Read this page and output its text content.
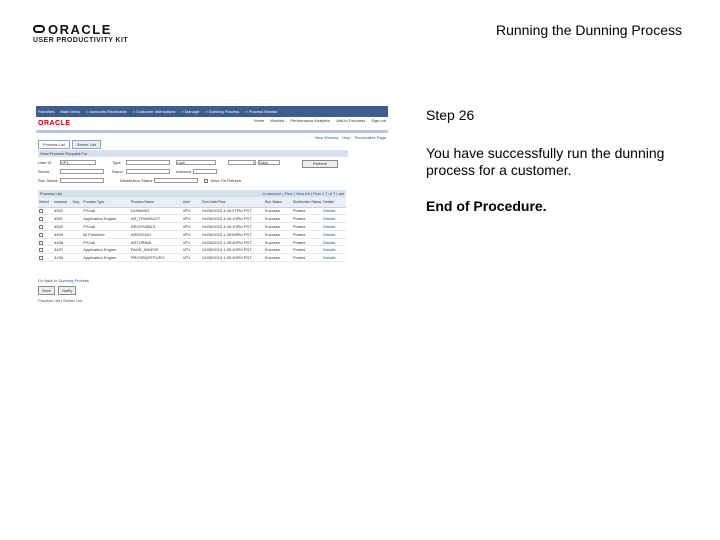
ORACLE
USER PRODUCTIVITY KIT
Running the Dunning Process
Favorites Main Menu > Accounts Receivable > Customer Interactions > Manage > Dunning Process > Process Monitor
ORACLE	Home Worklist Performance Analytics Add to Favorites Sign out
New Window Help Personalize Page
Process List	Server List
View Process Request For
User ID	VP1	Type	Last	1 Days	Refresh
Server	Name	Instance
Run Status	Distribution Status	Save On Refresh
Process List	Customize | Find | View All | First 1-7 of 7 Last
Select	Instance	Seq.	Process Type	Process Name	User	Run Date/Time	Run Status	Distribution Status	Details
	4502		PSJob	DUNNING	VP1	04/05/2013 1:40:27PM PDT	Success	Posted	Details
	4501		Application Engine	AR_TRANSACT	VP1	04/05/2013 1:40:19PM PDT	Success	Posted	Details
	4500		PSJob	RECEIVABLE	VP1	04/05/2013 1:40:10PM PDT	Success	Posted	Details
	4499		BI Publisher	ARDNS001	VP1	04/05/2013 1:39:59PM PDT	Success	Posted	Details
	4498		PSJob	ARTURNBL	VP1	04/05/2013 1:39:49PM PDT	Success	Posted	Details
	4497		Application Engine	PAGE_INDEXE	VP1	04/05/2013 1:39:40PM PDT	Success	Posted	Details
	4496		Application Engine	PRCSRQSTPURG	VP1	04/05/2013 1:39:30PM PDT	Success	Posted	Details
Go back to Dunning Process
Save	Notify
Process List | Server List
Step 26
You have successfully run the dunning process for a customer.
End of Procedure.
